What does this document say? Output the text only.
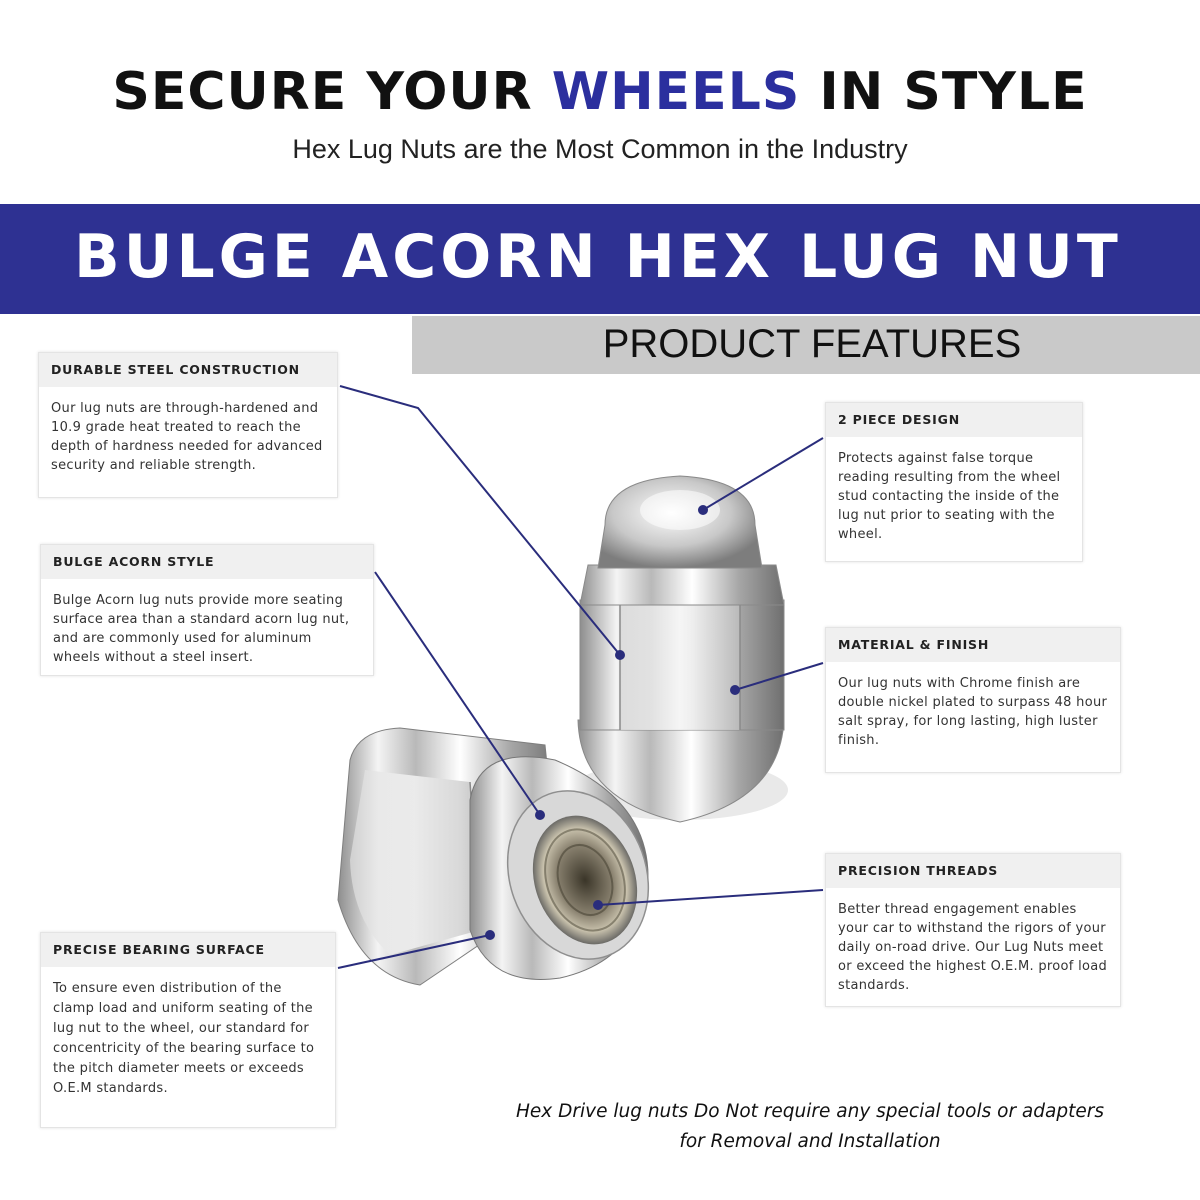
SECURE YOUR WHEELS IN STYLE
Hex Lug Nuts are the Most Common in the Industry
BULGE ACORN HEX LUG NUT
PRODUCT FEATURES
DURABLE STEEL CONSTRUCTION
Our lug nuts are through-hardened and 10.9 grade heat treated to reach the depth of hardness needed for advanced security and reliable strength.
BULGE ACORN STYLE
Bulge Acorn lug nuts provide more seating surface area than a standard acorn lug nut, and are commonly used for aluminum wheels without a steel insert.
PRECISE BEARING SURFACE
To ensure even distribution of the clamp load and uniform seating of the lug nut to the wheel, our standard for concentricity of the bearing surface to the pitch diameter meets or exceeds O.E.M standards.
2 PIECE DESIGN
Protects against false torque reading resulting from the wheel stud contacting the inside of the lug nut prior to seating with the wheel.
MATERIAL & FINISH
Our lug nuts with Chrome finish are double nickel plated to surpass 48 hour salt spray, for long lasting, high luster finish.
PRECISION THREADS
Better thread engagement enables your car to withstand the rigors of your daily on-road drive. Our Lug Nuts meet or exceed the highest O.E.M. proof load standards.
Hex Drive lug nuts Do Not require any special tools or adapters
for Removal and Installation
